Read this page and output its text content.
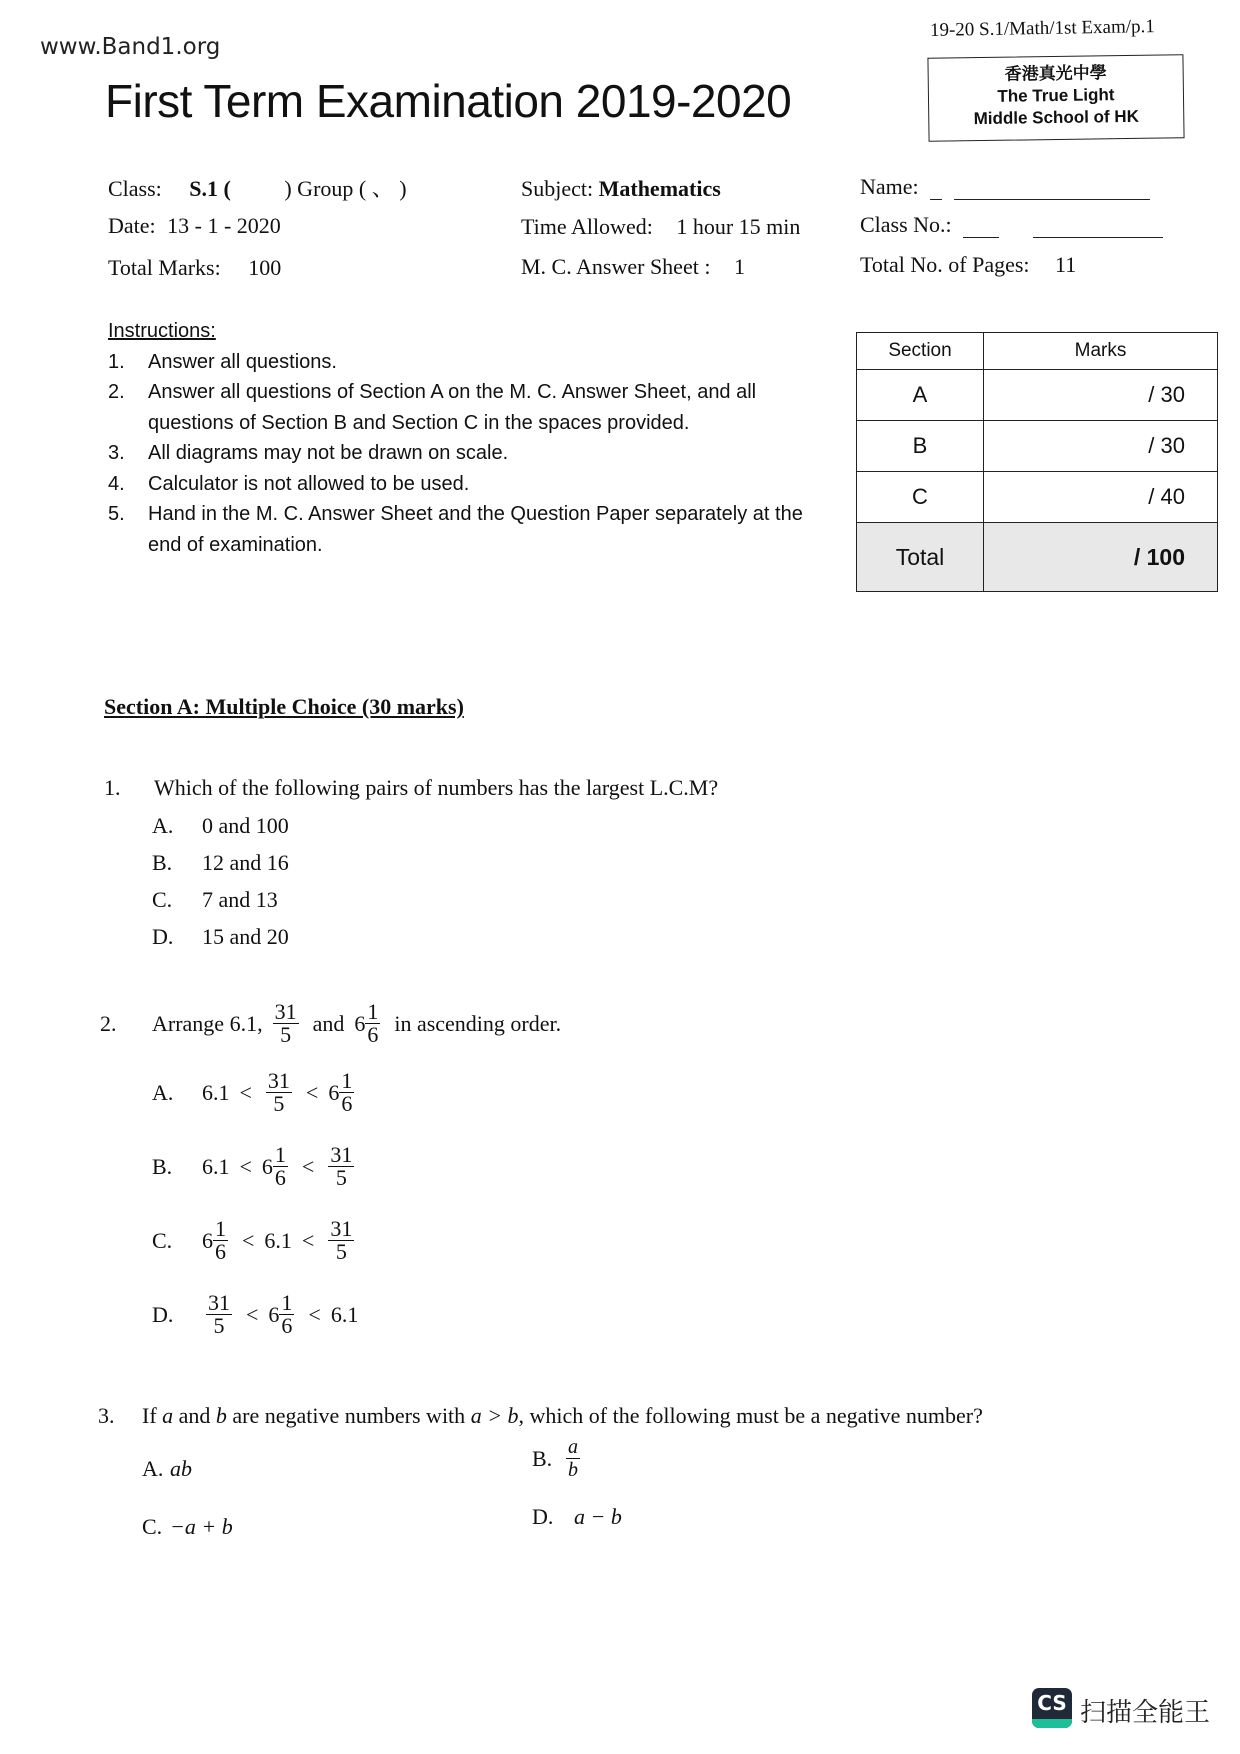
www.Band1.org
19-20 S.1/Math/1st Exam/p.1
First Term Examination 2019-2020
香港真光中學
The True Light
Middle School of HK
Class: S.1 ( ) Group ( 、 )
Date: 13 - 1 - 2020
Total Marks: 100
Subject: Mathematics
Time Allowed: 1 hour 15 min
M. C. Answer Sheet : 1
Name:
Class No.:
Total No. of Pages: 11
Instructions:
1.	Answer all questions.
2.	Answer all questions of Section A on the M. C. Answer Sheet, and all questions of Section B and Section C in the spaces provided.
3.	All diagrams may not be drawn on scale.
4.	Calculator is not allowed to be used.
5.	Hand in the M. C. Answer Sheet and the Question Paper separately at the end of examination.
Section	Marks
A	/ 30
B	/ 30
C	/ 40
Total	/ 100
Section A: Multiple Choice (30 marks)
1. Which of the following pairs of numbers has the largest L.C.M?
A. 0 and 100
B. 12 and 16
C. 7 and 13
D. 15 and 20
2.	Arrange 6.1, $\frac{31}{5}$ and $6 \frac{1}{6}$ in ascending order.
A.	$6.1 < \frac{31}{5} < 6 \frac{1}{6}$
B.	$6.1 < 6 \frac{1}{6} < \frac{31}{5}$
C.	$6 \frac{1}{6} < 6.1 < \frac{31}{5}$
D.	$\frac{31}{5} < 6 \frac{1}{6} < 6.1$
3. If a and b are negative numbers with a > b, which of the following must be a negative number?
A. ab	B. $\frac{a}{b}$
C. −a + b	D. a − b
CS 扫描全能王
